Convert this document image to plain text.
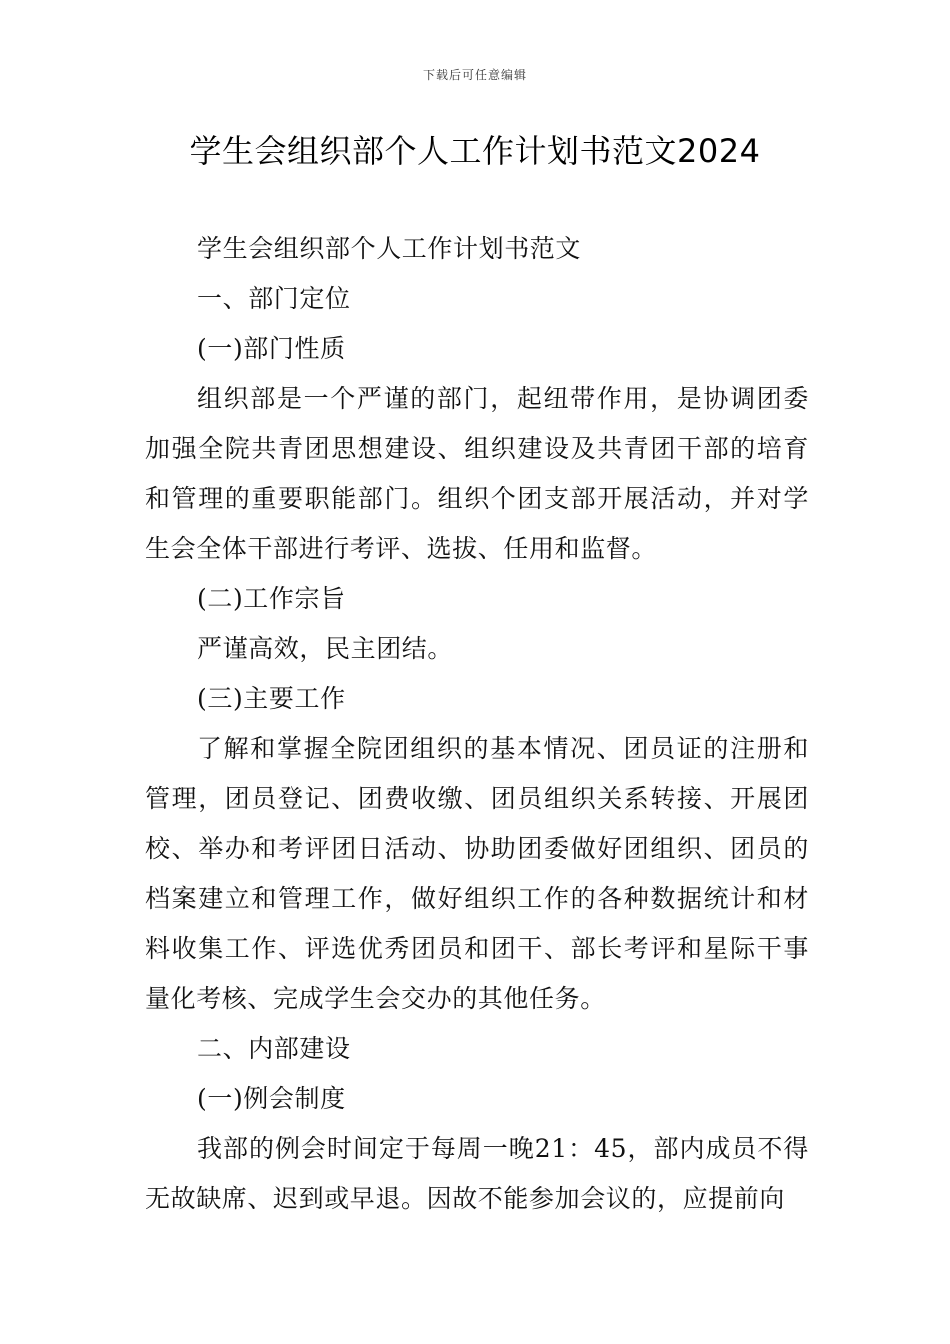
下载后可任意编辑
学生会组织部个人工作计划书范文2024

学生会组织部个人工作计划书范文

一、部门定位

(一)部门性质

组织部是一个严谨的部门，起纽带作用，是协调团委加强全院共青团思想建设、组织建设及共青团干部的培育和管理的重要职能部门。组织个团支部开展活动，并对学生会全体干部进行考评、选拔、任用和监督。

(二)工作宗旨

严谨高效，民主团结。

(三)主要工作

了解和掌握全院团组织的基本情况、团员证的注册和管理，团员登记、团费收缴、团员组织关系转接、开展团校、举办和考评团日活动、协助团委做好团组织、团员的档案建立和管理工作，做好组织工作的各种数据统计和材料收集工作、评选优秀团员和团干、部长考评和星际干事量化考核、完成学生会交办的其他任务。

二、内部建设

(一)例会制度

我部的例会时间定于每周一晚21：45，部内成员不得无故缺席、迟到或早退。因故不能参加会议的，应提前向
